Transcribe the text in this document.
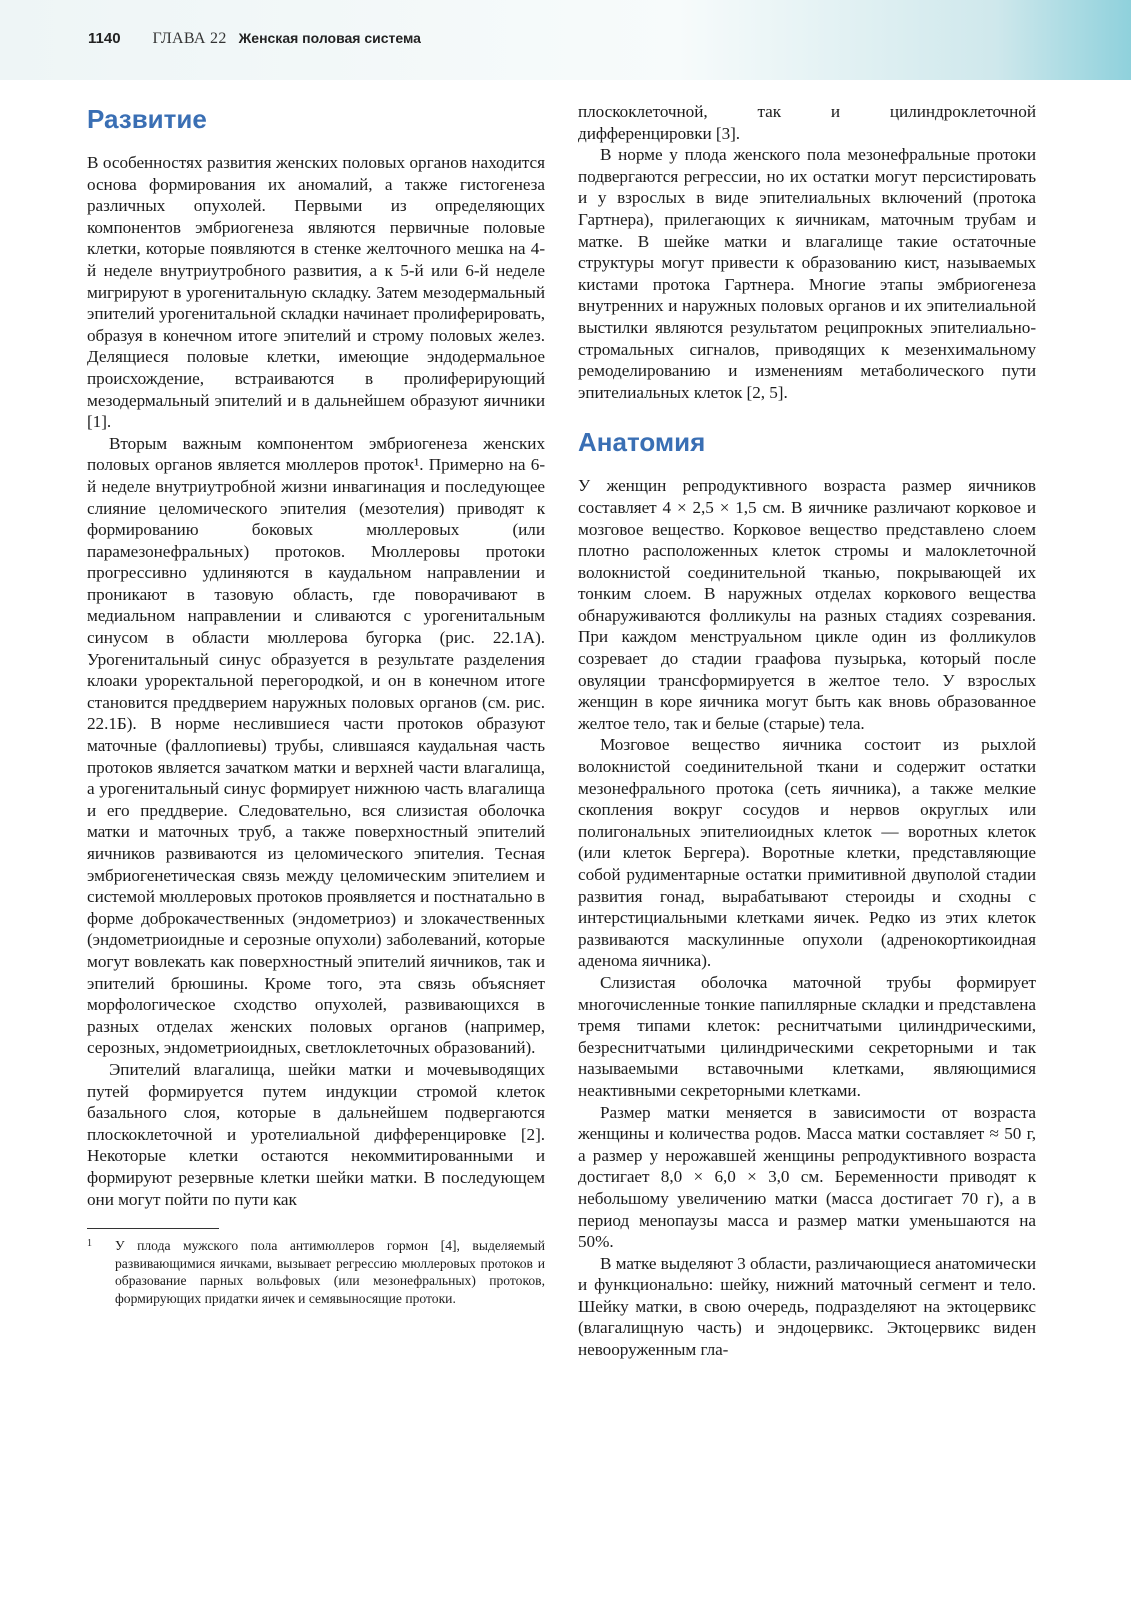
1140 ГЛАВА 22 Женская половая система
Развитие

В особенностях развития женских половых органов находится основа формирования их аномалий, а также гистогенеза различных опухолей. Первыми из определяющих компонентов эмбриогенеза являются первичные половые клетки, которые появляются в стенке желточного мешка на 4-й неделе внутриутробного развития, а к 5-й или 6-й неделе мигрируют в урогенитальную складку. Затем мезодермальный эпителий урогенитальной складки начинает пролиферировать, образуя в конечном итоге эпителий и строму половых желез. Делящиеся половые клетки, имеющие эндодермальное происхождение, встраиваются в пролиферирующий мезодермальный эпителий и в дальнейшем образуют яичники [1].

Вторым важным компонентом эмбриогенеза женских половых органов является мюллеров проток¹. Примерно на 6-й неделе внутриутробной жизни инвагинация и последующее слияние целомического эпителия (мезотелия) приводят к формированию боковых мюллеровых (или парамезонефральных) протоков. Мюллеровы протоки прогрессивно удлиняются в каудальном направлении и проникают в тазовую область, где поворачивают в медиальном направлении и сливаются с урогенитальным синусом в области мюллерова бугорка (рис. 22.1А). Урогенитальный синус образуется в результате разделения клоаки уроректальной перегородкой, и он в конечном итоге становится преддверием наружных половых органов (см. рис. 22.1Б). В норме неслившиеся части протоков образуют маточные (фаллопиевы) трубы, слившаяся каудальная часть протоков является зачатком матки и верхней части влагалища, а урогенитальный синус формирует нижнюю часть влагалища и его преддверие. Следовательно, вся слизистая оболочка матки и маточных труб, а также поверхностный эпителий яичников развиваются из целомического эпителия. Тесная эмбриогенетическая связь между целомическим эпителием и системой мюллеровых протоков проявляется и постнатально в форме доброкачественных (эндометриоз) и злокачественных (эндометриоидные и серозные опухоли) заболеваний, которые могут вовлекать как поверхностный эпителий яичников, так и эпителий брюшины. Кроме того, эта связь объясняет морфологическое сходство опухолей, развивающихся в разных отделах женских половых органов (например, серозных, эндометриоидных, светлоклеточных образований).

Эпителий влагалища, шейки матки и мочевыводящих путей формируется путем индукции стромой клеток базального слоя, которые в дальнейшем подвергаются плоскоклеточной и уротелиальной дифференцировке [2]. Некоторые клетки остаются некоммитированными и формируют резервные клетки шейки матки. В последующем они могут пойти по пути как

1	У плода мужского пола антимюллеров гормон [4], выделяемый развивающимися яичками, вызывает регрессию мюллеровых протоков и образование парных вольфовых (или мезонефральных) протоков, формирующих придатки яичек и семявыносящие протоки.

плоскоклеточной, так и цилиндроклеточной дифференцировки [3].

В норме у плода женского пола мезонефральные протоки подвергаются регрессии, но их остатки могут персистировать и у взрослых в виде эпителиальных включений (протока Гартнера), прилегающих к яичникам, маточным трубам и матке. В шейке матки и влагалище такие остаточные структуры могут привести к образованию кист, называемых кистами протока Гартнера. Многие этапы эмбриогенеза внутренних и наружных половых органов и их эпителиальной выстилки являются результатом реципрокных эпителиально-стромальных сигналов, приводящих к мезенхимальному ремоделированию и изменениям метаболического пути эпителиальных клеток [2, 5].

Анатомия

У женщин репродуктивного возраста размер яичников составляет 4 × 2,5 × 1,5 см. В яичнике различают корковое и мозговое вещество. Корковое вещество представлено слоем плотно расположенных клеток стромы и малоклеточной волокнистой соединительной тканью, покрывающей их тонким слоем. В наружных отделах коркового вещества обнаруживаются фолликулы на разных стадиях созревания. При каждом менструальном цикле один из фолликулов созревает до стадии граафова пузырька, который после овуляции трансформируется в желтое тело. У взрослых женщин в коре яичника могут быть как вновь образованное желтое тело, так и белые (старые) тела.

Мозговое вещество яичника состоит из рыхлой волокнистой соединительной ткани и содержит остатки мезонефрального протока (сеть яичника), а также мелкие скопления вокруг сосудов и нервов округлых или полигональных эпителиоидных клеток — воротных клеток (или клеток Бергера). Воротные клетки, представляющие собой рудиментарные остатки примитивной двуполой стадии развития гонад, вырабатывают стероиды и сходны с интерстициальными клетками яичек. Редко из этих клеток развиваются маскулинные опухоли (адренокортикоидная аденома яичника).

Слизистая оболочка маточной трубы формирует многочисленные тонкие папиллярные складки и представлена тремя типами клеток: реснитчатыми цилиндрическими, безреснитчатыми цилиндрическими секреторными и так называемыми вставочными клетками, являющимися неактивными секреторными клетками.

Размер матки меняется в зависимости от возраста женщины и количества родов. Масса матки составляет ≈ 50 г, а размер у нерожавшей женщины репродуктивного возраста достигает 8,0 × 6,0 × 3,0 см. Беременности приводят к небольшому увеличению матки (масса достигает 70 г), а в период менопаузы масса и размер матки уменьшаются на 50%.

В матке выделяют 3 области, различающиеся анатомически и функционально: шейку, нижний маточный сегмент и тело. Шейку матки, в свою очередь, подразделяют на эктоцервикс (влагалищную часть) и эндоцервикс. Эктоцервикс виден невооруженным гла-
